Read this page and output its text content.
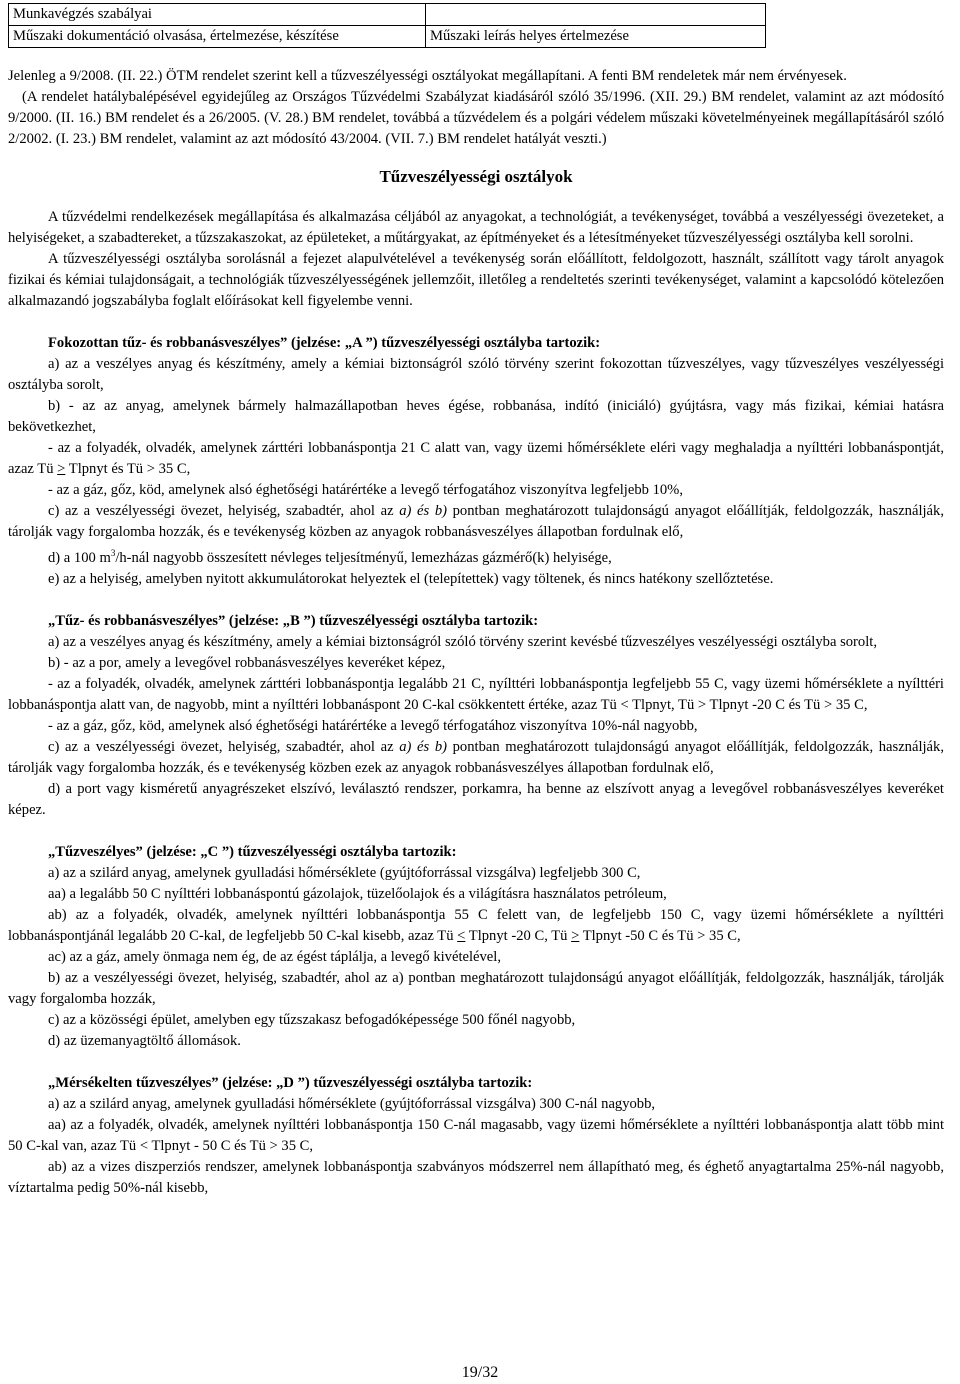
Munkavégzés szabályai	
Műszaki dokumentáció olvasása, értelmezése, készítése	Műszaki leírás helyes értelmezése

Jelenleg a 9/2008. (II. 22.) ÖTM rendelet szerint kell a tűzveszélyességi osztályokat megállapítani. A fenti BM rendeletek már nem érvényesek.

(A rendelet hatálybalépésével egyidejűleg az Országos Tűzvédelmi Szabályzat kiadásáról szóló 35/1996. (XII. 29.) BM rendelet, valamint az azt módosító 9/2000. (II. 16.) BM rendelet és a 26/2005. (V. 28.) BM rendelet, továbbá a tűzvédelem és a polgári védelem műszaki követelményeinek megállapításáról szóló 2/2002. (I. 23.) BM rendelet, valamint az azt módosító 43/2004. (VII. 7.) BM rendelet hatályát veszti.)

Tűzveszélyességi osztályok

A tűzvédelmi rendelkezések megállapítása és alkalmazása céljából az anyagokat, a technológiát, a tevékenységet, továbbá a veszélyességi övezeteket, a helyiségeket, a szabadtereket, a tűzszakaszokat, az épületeket, a műtárgyakat, az építményeket és a létesítményeket tűzveszélyességi osztályba kell sorolni.

A tűzveszélyességi osztályba sorolásnál a fejezet alapulvételével a tevékenység során előállított, feldolgozott, használt, szállított vagy tárolt anyagok fizikai és kémiai tulajdonságait, a technológiák tűzveszélyességének jellemzőit, illetőleg a rendeltetés szerinti tevékenységet, valamint a kapcsolódó kötelezően alkalmazandó jogszabályba foglalt előírásokat kell figyelembe venni.

Fokozottan tűz- és robbanásveszélyes” (jelzése: „A ”) tűzveszélyességi osztályba tartozik:

a) az a veszélyes anyag és készítmény, amely a kémiai biztonságról szóló törvény szerint fokozottan tűzveszélyes, vagy tűzveszélyes veszélyességi osztályba sorolt,

b) - az az anyag, amelynek bármely halmazállapotban heves égése, robbanása, indító (iniciáló) gyújtásra, vagy más fizikai, kémiai hatásra bekövetkezhet,

- az a folyadék, olvadék, amelynek zárttéri lobbanáspontja 21 C alatt van, vagy üzemi hőmérséklete eléri vagy meghaladja a nyílttéri lobbanáspontját, azaz Tü > Tlpnyt és Tü > 35 C,

- az a gáz, gőz, köd, amelynek alsó éghetőségi határértéke a levegő térfogatához viszonyítva legfeljebb 10%,

c) az a veszélyességi övezet, helyiség, szabadtér, ahol az a) és b) pontban meghatározott tulajdonságú anyagot előállítják, feldolgozzák, használják, tárolják vagy forgalomba hozzák, és e tevékenység közben az anyagok robbanásveszélyes állapotban fordulnak elő,

d) a 100 $m^3/h$-nál nagyobb összesített névleges teljesítményű, lemezházas gázmérő(k) helyisége,

e) az a helyiség, amelyben nyitott akkumulátorokat helyeztek el (telepítettek) vagy töltenek, és nincs hatékony szellőztetése.

„Tűz- és robbanásveszélyes” (jelzése: „B ”) tűzveszélyességi osztályba tartozik:

a) az a veszélyes anyag és készítmény, amely a kémiai biztonságról szóló törvény szerint kevésbé tűzveszélyes veszélyességi osztályba sorolt,

b) - az a por, amely a levegővel robbanásveszélyes keveréket képez,

- az a folyadék, olvadék, amelynek zárttéri lobbanáspontja legalább 21 C, nyílttéri lobbanáspontja legfeljebb 55 C, vagy üzemi hőmérséklete a nyílttéri lobbanáspontja alatt van, de nagyobb, mint a nyílttéri lobbanáspont 20 C-kal csökkentett értéke, azaz Tü < Tlpnyt, Tü > Tlpnyt -20 C és Tü > 35 C,

- az a gáz, gőz, köd, amelynek alsó éghetőségi határértéke a levegő térfogatához viszonyítva 10%-nál nagyobb,

c) az a veszélyességi övezet, helyiség, szabadtér, ahol az a) és b) pontban meghatározott tulajdonságú anyagot előállítják, feldolgozzák, használják, tárolják vagy forgalomba hozzák, és e tevékenység közben ezek az anyagok robbanásveszélyes állapotban fordulnak elő,

d) a port vagy kisméretű anyagrészeket elszívó, leválasztó rendszer, porkamra, ha benne az elszívott anyag a levegővel robbanásveszélyes keveréket képez.

„Tűzveszélyes” (jelzése: „C ”) tűzveszélyességi osztályba tartozik:

a) az a szilárd anyag, amelynek gyulladási hőmérséklete (gyújtóforrással vizsgálva) legfeljebb 300 C,

aa) a legalább 50 C nyílttéri lobbanáspontú gázolajok, tüzelőolajok és a világításra használatos petróleum,

ab) az a folyadék, olvadék, amelynek nyílttéri lobbanáspontja 55 C felett van, de legfeljebb 150 C, vagy üzemi hőmérséklete a nyílttéri lobbanáspontjánál legalább 20 C-kal, de legfeljebb 50 C-kal kisebb, azaz Tü < Tlpnyt -20 C, Tü > Tlpnyt -50 C és Tü > 35 C,

ac) az a gáz, amely önmaga nem ég, de az égést táplálja, a levegő kivételével,

b) az a veszélyességi övezet, helyiség, szabadtér, ahol az a) pontban meghatározott tulajdonságú anyagot előállítják, feldolgozzák, használják, tárolják vagy forgalomba hozzák,

c) az a közösségi épület, amelyben egy tűzszakasz befogadóképessége 500 főnél nagyobb,

d) az üzemanyagtöltő állomások.

„Mérsékelten tűzveszélyes” (jelzése: „D ”) tűzveszélyességi osztályba tartozik:

a) az a szilárd anyag, amelynek gyulladási hőmérséklete (gyújtóforrással vizsgálva) 300 C-nál nagyobb,

aa) az a folyadék, olvadék, amelynek nyílttéri lobbanáspontja 150 C-nál magasabb, vagy üzemi hőmérséklete a nyílttéri lobbanáspontja alatt több mint 50 C-kal van, azaz Tü < Tlpnyt - 50 C és Tü > 35 C,

ab) az a vizes diszperziós rendszer, amelynek lobbanáspontja szabványos módszerrel nem állapítható meg, és éghető anyagtartalma 25%-nál nagyobb, víztartalma pedig 50%-nál kisebb,

19/32
